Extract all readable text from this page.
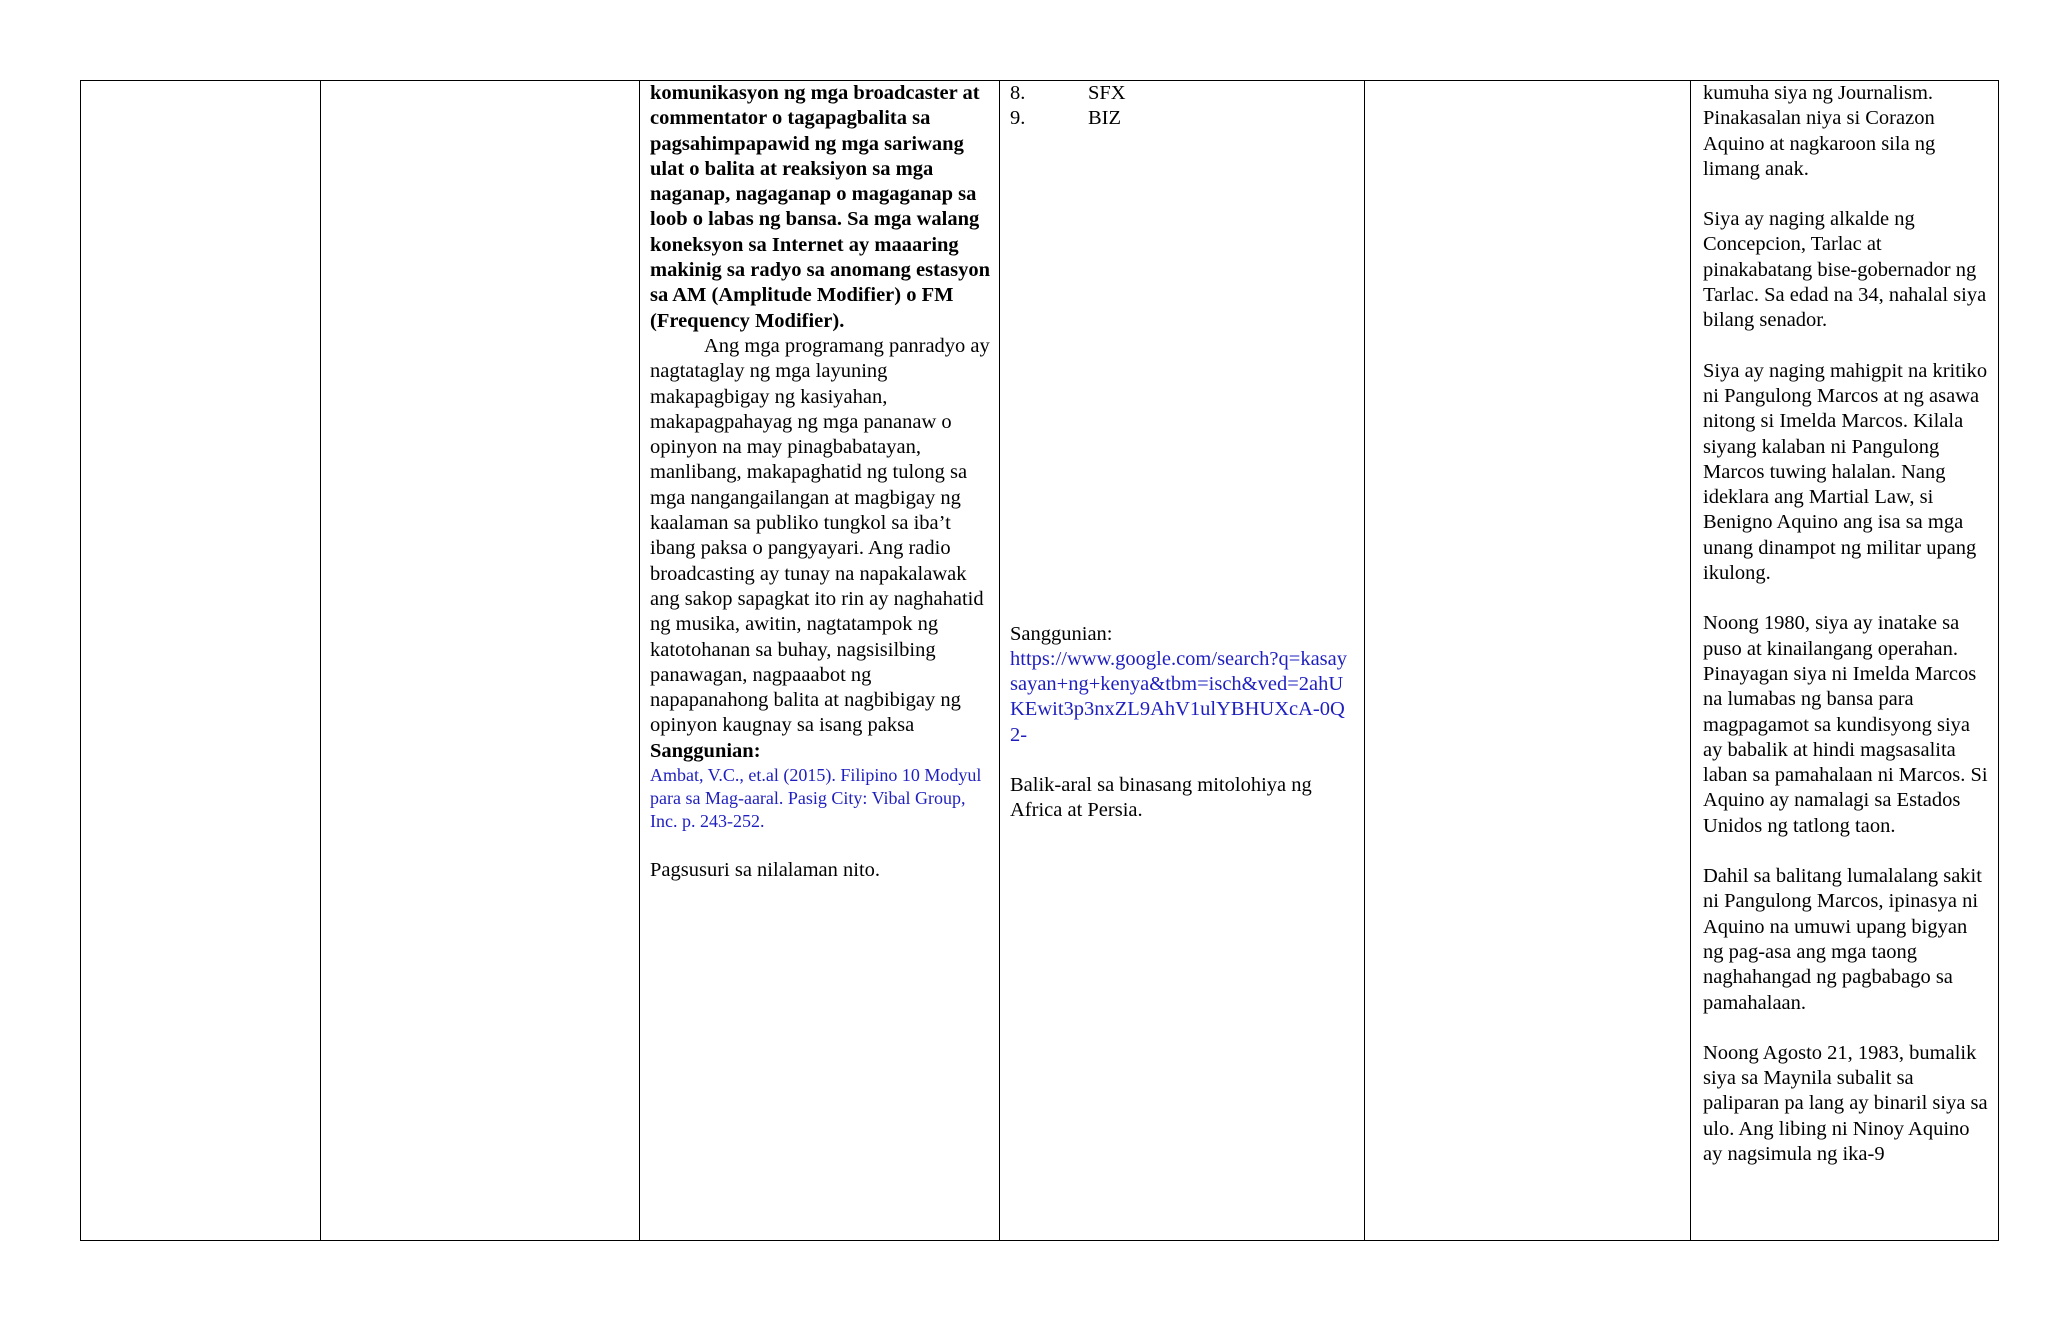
komunikasyon ng mga broadcaster at commentator o tagapagbalita sa pagsahimpapawid ng mga sariwang ulat o balita at reaksiyon sa mga naganap, nagaganap o magaganap sa loob o labas ng bansa. Sa mga walang koneksyon sa Internet ay maaaring makinig sa radyo sa anomang estasyon sa AM (Amplitude Modifier) o FM (Frequency Modifier).

Ang mga programang panradyo ay nagtataglay ng mga layuning makapagbigay ng kasiyahan, makapagpahayag ng mga pananaw o opinyon na may pinagbabatayan, manlibang, makapaghatid ng tulong sa mga nangangailangan at magbigay ng kaalaman sa publiko tungkol sa iba’t ibang paksa o pangyayari. Ang radio broadcasting ay tunay na napakalawak ang sakop sapagkat ito rin ay naghahatid ng musika, awitin, nagtatampok ng katotohanan sa buhay, nagsisilbing panawagan, nagpaaabot ng napapanahong balita at nagbibigay ng opinyon kaugnay sa isang paksa

Sanggunian:

Ambat, V.C., et.al (2015). Filipino 10 Modyul para sa Mag-aaral. Pasig City: Vibal Group, Inc. p. 243-252.

Pagsusuri sa nilalaman nito.

8.	SFX
9.	BIZ

Sanggunian:

https://www.google.com/search?q=kasaysayan+ng+kenya&tbm=isch&ved=2ahUKEwit3p3nxZL9AhV1ulYBHUXcA-0Q2-

Balik-aral sa binasang mitolohiya ng Africa at Persia.

kumuha siya ng Journalism. Pinakasalan niya si Corazon Aquino at nagkaroon sila ng limang anak.

Siya ay naging alkalde ng Concepcion, Tarlac at pinakabatang bise-gobernador ng Tarlac. Sa edad na 34, nahalal siya bilang senador.

Siya ay naging mahigpit na kritiko ni Pangulong Marcos at ng asawa nitong si Imelda Marcos. Kilala siyang kalaban ni Pangulong Marcos tuwing halalan. Nang ideklara ang Martial Law, si Benigno Aquino ang isa sa mga unang dinampot ng militar upang ikulong.

Noong 1980, siya ay inatake sa puso at kinailangang operahan. Pinayagan siya ni Imelda Marcos na lumabas ng bansa para magpagamot sa kundisyong siya ay babalik at hindi magsasalita laban sa pamahalaan ni Marcos. Si Aquino ay namalagi sa Estados Unidos ng tatlong taon.

Dahil sa balitang lumalalang sakit ni Pangulong Marcos, ipinasya ni Aquino na umuwi upang bigyan ng pag-asa ang mga taong naghahangad ng pagbabago sa pamahalaan.

Noong Agosto 21, 1983, bumalik siya sa Maynila subalit sa paliparan pa lang ay binaril siya sa ulo. Ang libing ni Ninoy Aquino ay nagsimula ng ika-9
